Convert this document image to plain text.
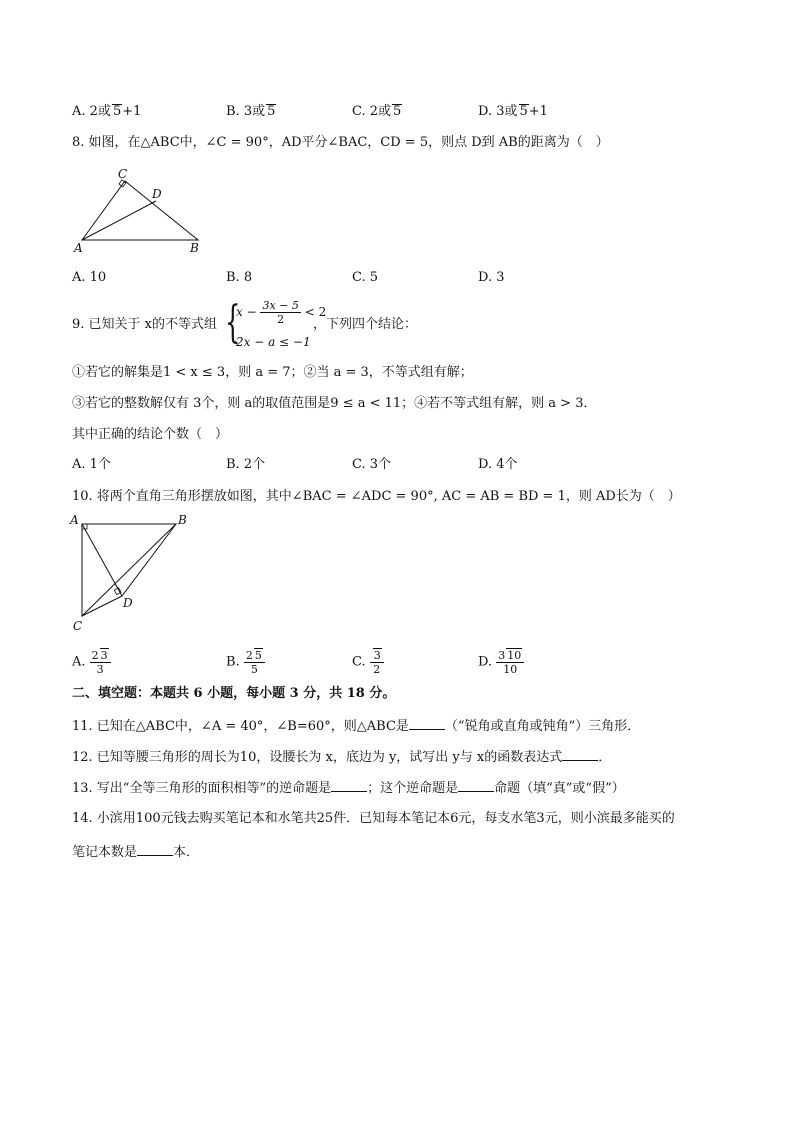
A. 2或 5+1	B. 3或 5	C. 2或 5	D. 3或 5+1
8. 如图，在△ABC中，∠C = 90°，AD平分∠BAC，CD = 5，则点 D到 AB的距离为（　）
C
D
A	B
A. 10	B. 8	C. 5	D. 3
9. 已知关于 x的不等式组 {
$x - \frac{3x - 5}{2} < 2$
2x − a ≤ −1
，下列四个结论：
①若它的解集是1 < x ≤ 3，则 a = 7；②当 a = 3，不等式组有解；
③若它的整数解仅有 3个，则 a的取值范围是9 ≤ a < 11；④若不等式组有解，则 a > 3．
其中正确的结论个数（　）
A. 1个	B. 2个	C. 3个	D. 4个
10. 将两个直角三角形摆放如图，其中∠BAC = ∠ADC = 90°, AC = AB = BD = 1，则 AD长为（　）
A	B
C
D
A. $\frac{2 3}{3}$	B. $\frac{2 5}{5}$	C. $\frac{3}{2}$	D. $\frac{3 10}{10}$
二、填空题：本题共 6 小题，每小题 3 分，共 18 分。
11. 已知在△ABC中，∠A = 40°，∠B=60°，则△ABC是	（“锐角或直角或钝角”）三角形．
12. 已知等腰三角形的周长为10，设腰长为 x，底边为 y，试写出 y与 x的函数表达式	．
13. 写出“全等三角形的面积相等”的逆命题是	；这个逆命题是	命题（填“真”或“假”）
14. 小滨用100元钱去购买笔记本和水笔共25件．已知每本笔记本6元，每支水笔3元，则小滨最多能买的
笔记本数是	本．
